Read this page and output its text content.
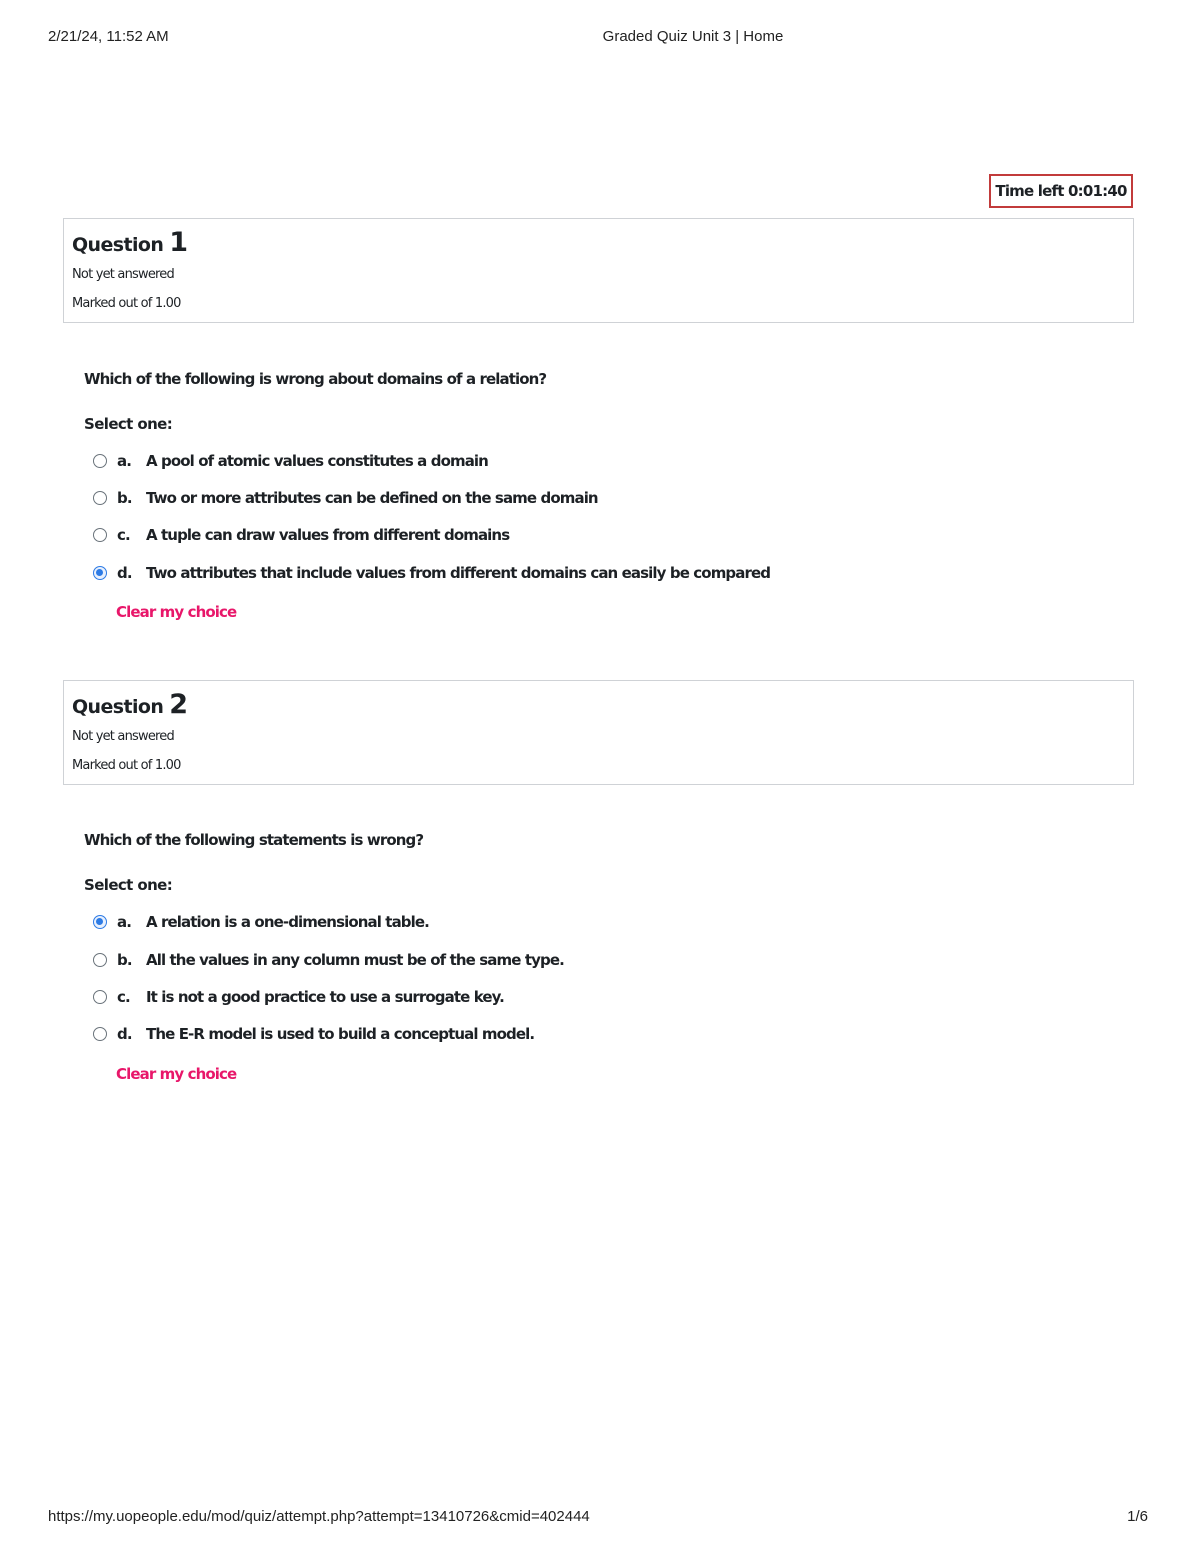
2/21/24, 11:52 AM	Graded Quiz Unit 3 | Home
Time left 0:01:40
Question 1
Not yet answered
Marked out of 1.00
Which of the following is wrong about domains of a relation?
Select one:
a. A pool of atomic values constitutes a domain
b. Two or more attributes can be defined on the same domain
c.	A tuple can draw values from different domains
d. Two attributes that include values from different domains can easily be compared
Clear my choice
Question 2
Not yet answered
Marked out of 1.00
Which of the following statements is wrong?
Select one:
a. A relation is a one-dimensional table.
b. All the values in any column must be of the same type.
c.	It is not a good practice to use a surrogate key.
d. The E-R model is used to build a conceptual model.
Clear my choice
https://my.uopeople.edu/mod/quiz/attempt.php?attempt=13410726&cmid=402444	1/6
